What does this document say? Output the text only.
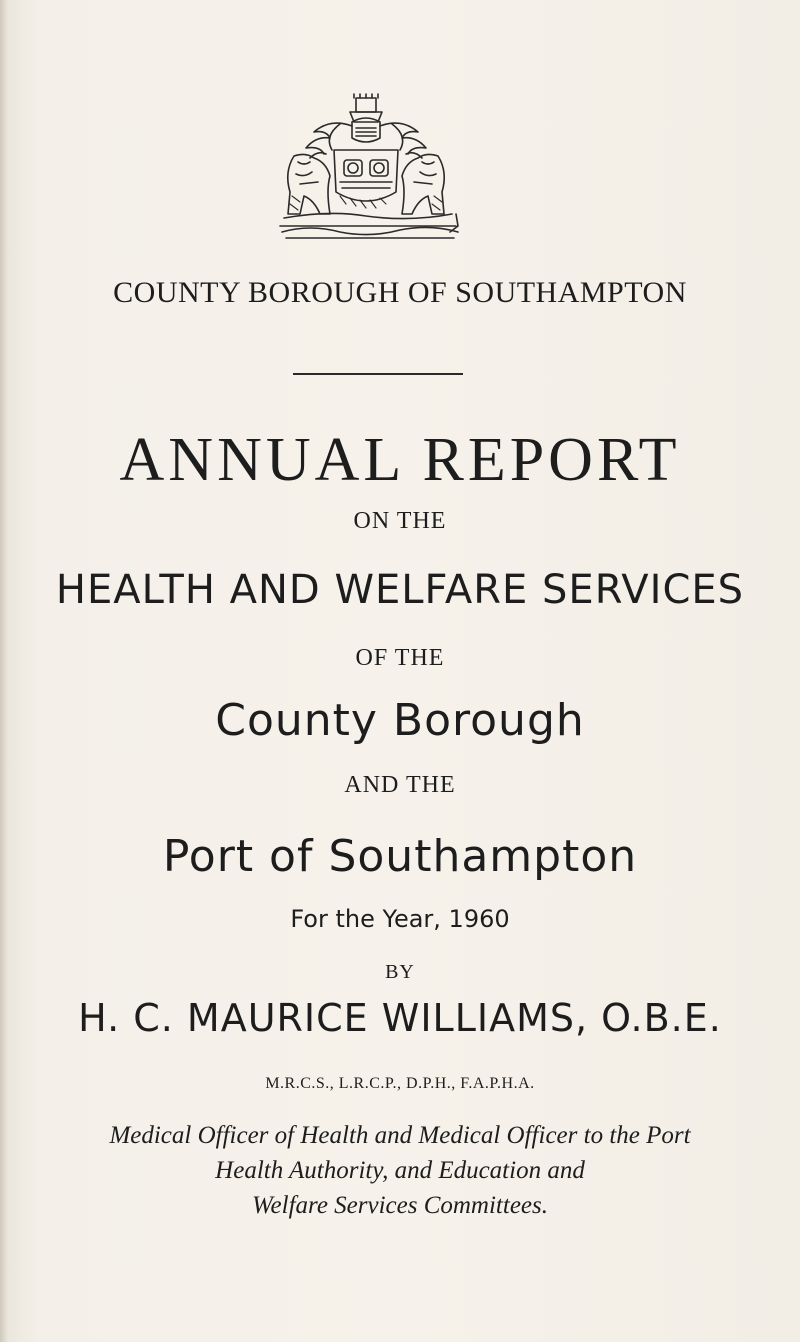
COUNTY BOROUGH OF SOUTHAMPTON
ANNUAL REPORT
ON THE
HEALTH AND WELFARE SERVICES
OF THE
County Borough
AND THE
Port of Southampton
For the Year, 1960
BY
H. C. MAURICE WILLIAMS, O.B.E.
M.R.C.S., L.R.C.P., D.P.H., F.A.P.H.A.
Medical Officer of Health and Medical Officer to the Port
Health Authority, and Education and
Welfare Services Committees.
